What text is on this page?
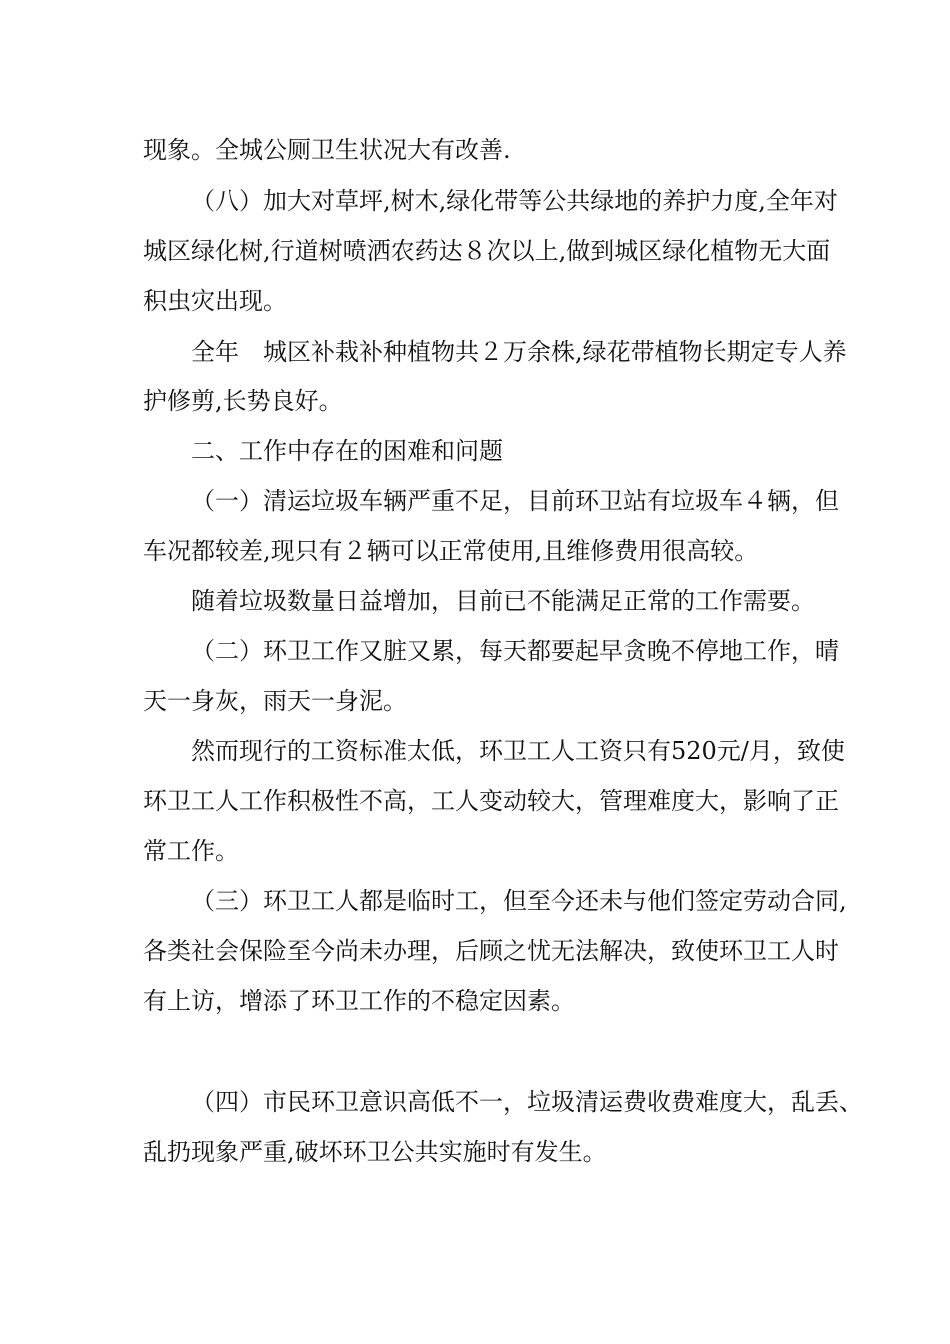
现象。全城公厕卫生状况大有改善.
（八）加大对草坪,树木,绿化带等公共绿地的养护力度,全年对
城区绿化树,行道树喷洒农药达８次以上,做到城区绿化植物无大面
积虫灾出现。
全年　城区补栽补种植物共２万余株,绿花带植物长期定专人养
护修剪,长势良好。
二、工作中存在的困难和问题
（一）清运垃圾车辆严重不足，目前环卫站有垃圾车４辆，但
车况都较差,现只有２辆可以正常使用,且维修费用很高较。
随着垃圾数量日益增加，目前已不能满足正常的工作需要。
（二）环卫工作又脏又累，每天都要起早贪晚不停地工作，晴
天一身灰，雨天一身泥。
然而现行的工资标准太低，环卫工人工资只有520元/月，致使
环卫工人工作积极性不高，工人变动较大，管理难度大，影响了正
常工作。
（三）环卫工人都是临时工，但至今还未与他们签定劳动合同,
各类社会保险至今尚未办理，后顾之忧无法解决，致使环卫工人时
有上访，增添了环卫工作的不稳定因素。
（四）市民环卫意识高低不一，垃圾清运费收费难度大，乱丢、
乱扔现象严重,破坏环卫公共实施时有发生。
